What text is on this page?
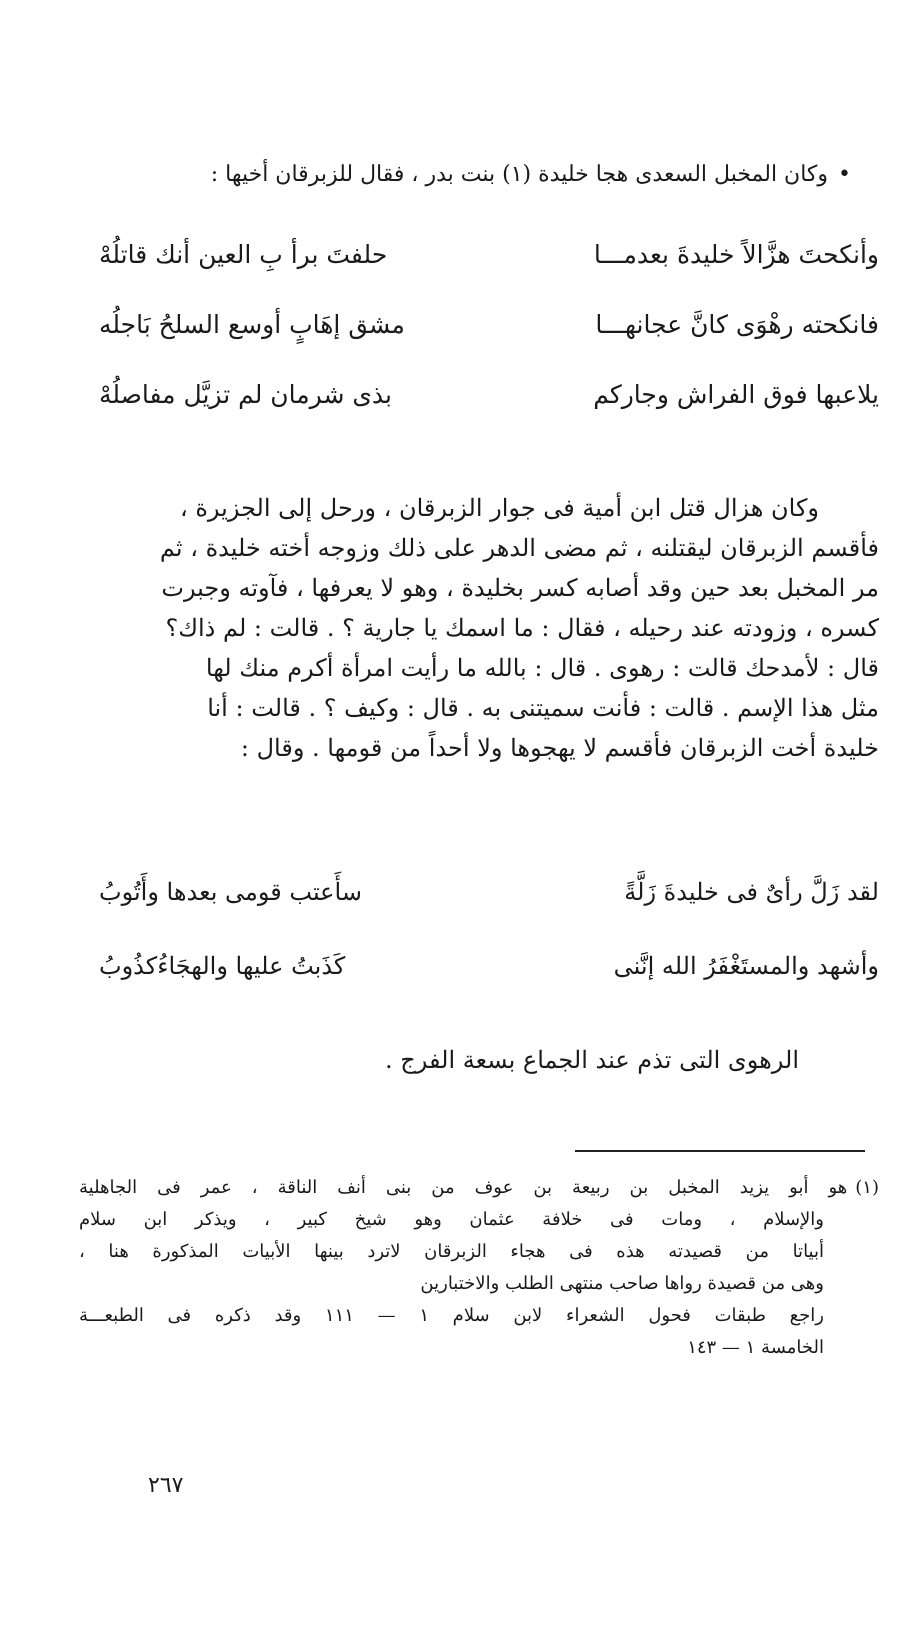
•وكان المخبل السعدى هجا خليدة (١) بنت بدر ، فقال للزبرقان أخيها :
وأنكحتَ هزَّالاً خليدةَ بعدمـــا
حلفتَ برأ بِ العين أنك قاتلُهْ
فانكحته رهْوَى كانَّ عجانهـــا
مشق إهَابٍ أوسع السلحُ بَاجلُه
يلاعبها فوق الفراش وجاركم
بذى شرمان لم تزيَّل مفاصلُهْ

وكان هزال قتل ابن أمية فى جوار الزبرقان ، ورحل إلى الجزيرة ،

فأقسم الزبرقان ليقتلنه ، ثم مضى الدهر على ذلك وزوجه أخته خليدة ، ثم

مر المخبل بعد حين وقد أصابه كسر بخليدة ، وهو لا يعرفها ، فآوته وجبرت

كسره ، وزودته عند رحيله ، فقال : ما اسمك يا جارية ؟ . قالت : لم ذاك؟

قال : لأمدحك قالت : رهوى . قال : بالله ما رأيت امرأة أكرم منك لها

مثل هذا الإسم . قالت : فأنت سميتنى به . قال : وكيف ؟ . قالت : أنا

خليدة أخت الزبرقان فأقسم لا يهجوها ولا أحداً من قومها . وقال :

لقد زَلَّ رأىٌ فى خليدةَ زَلَّةً
سأَعتب قومى بعدها وأَتُوبُ
وأشهد والمستَغْفَرُ الله إنَّنى
كَذَبتُ عليها والهجَاءُكذُوبُ
الرهوى التى تذم عند الجماع بسعة الفرج .
(١)هو أبو يزيد المخبل بن ربيعة بن عوف من بنى أنف الناقة ، عمر فى الجاهلية
والإسلام ، ومات فى خلافة عثمان وهو شيخ كبير ، ويذكر ابن سلام
أبياتا من قصيدته هذه فى هجاء الزبرقان لاترد بينها الأبيات المذكورة هنا ،
وهى من قصيدة رواها صاحب منتهى الطلب والاختبارين
راجع طبقات فحول الشعراء لابن سلام ١ — ١١١ وقد ذكره فى الطبعـــة
الخامسة ١ — ١٤٣
٢٦٧
